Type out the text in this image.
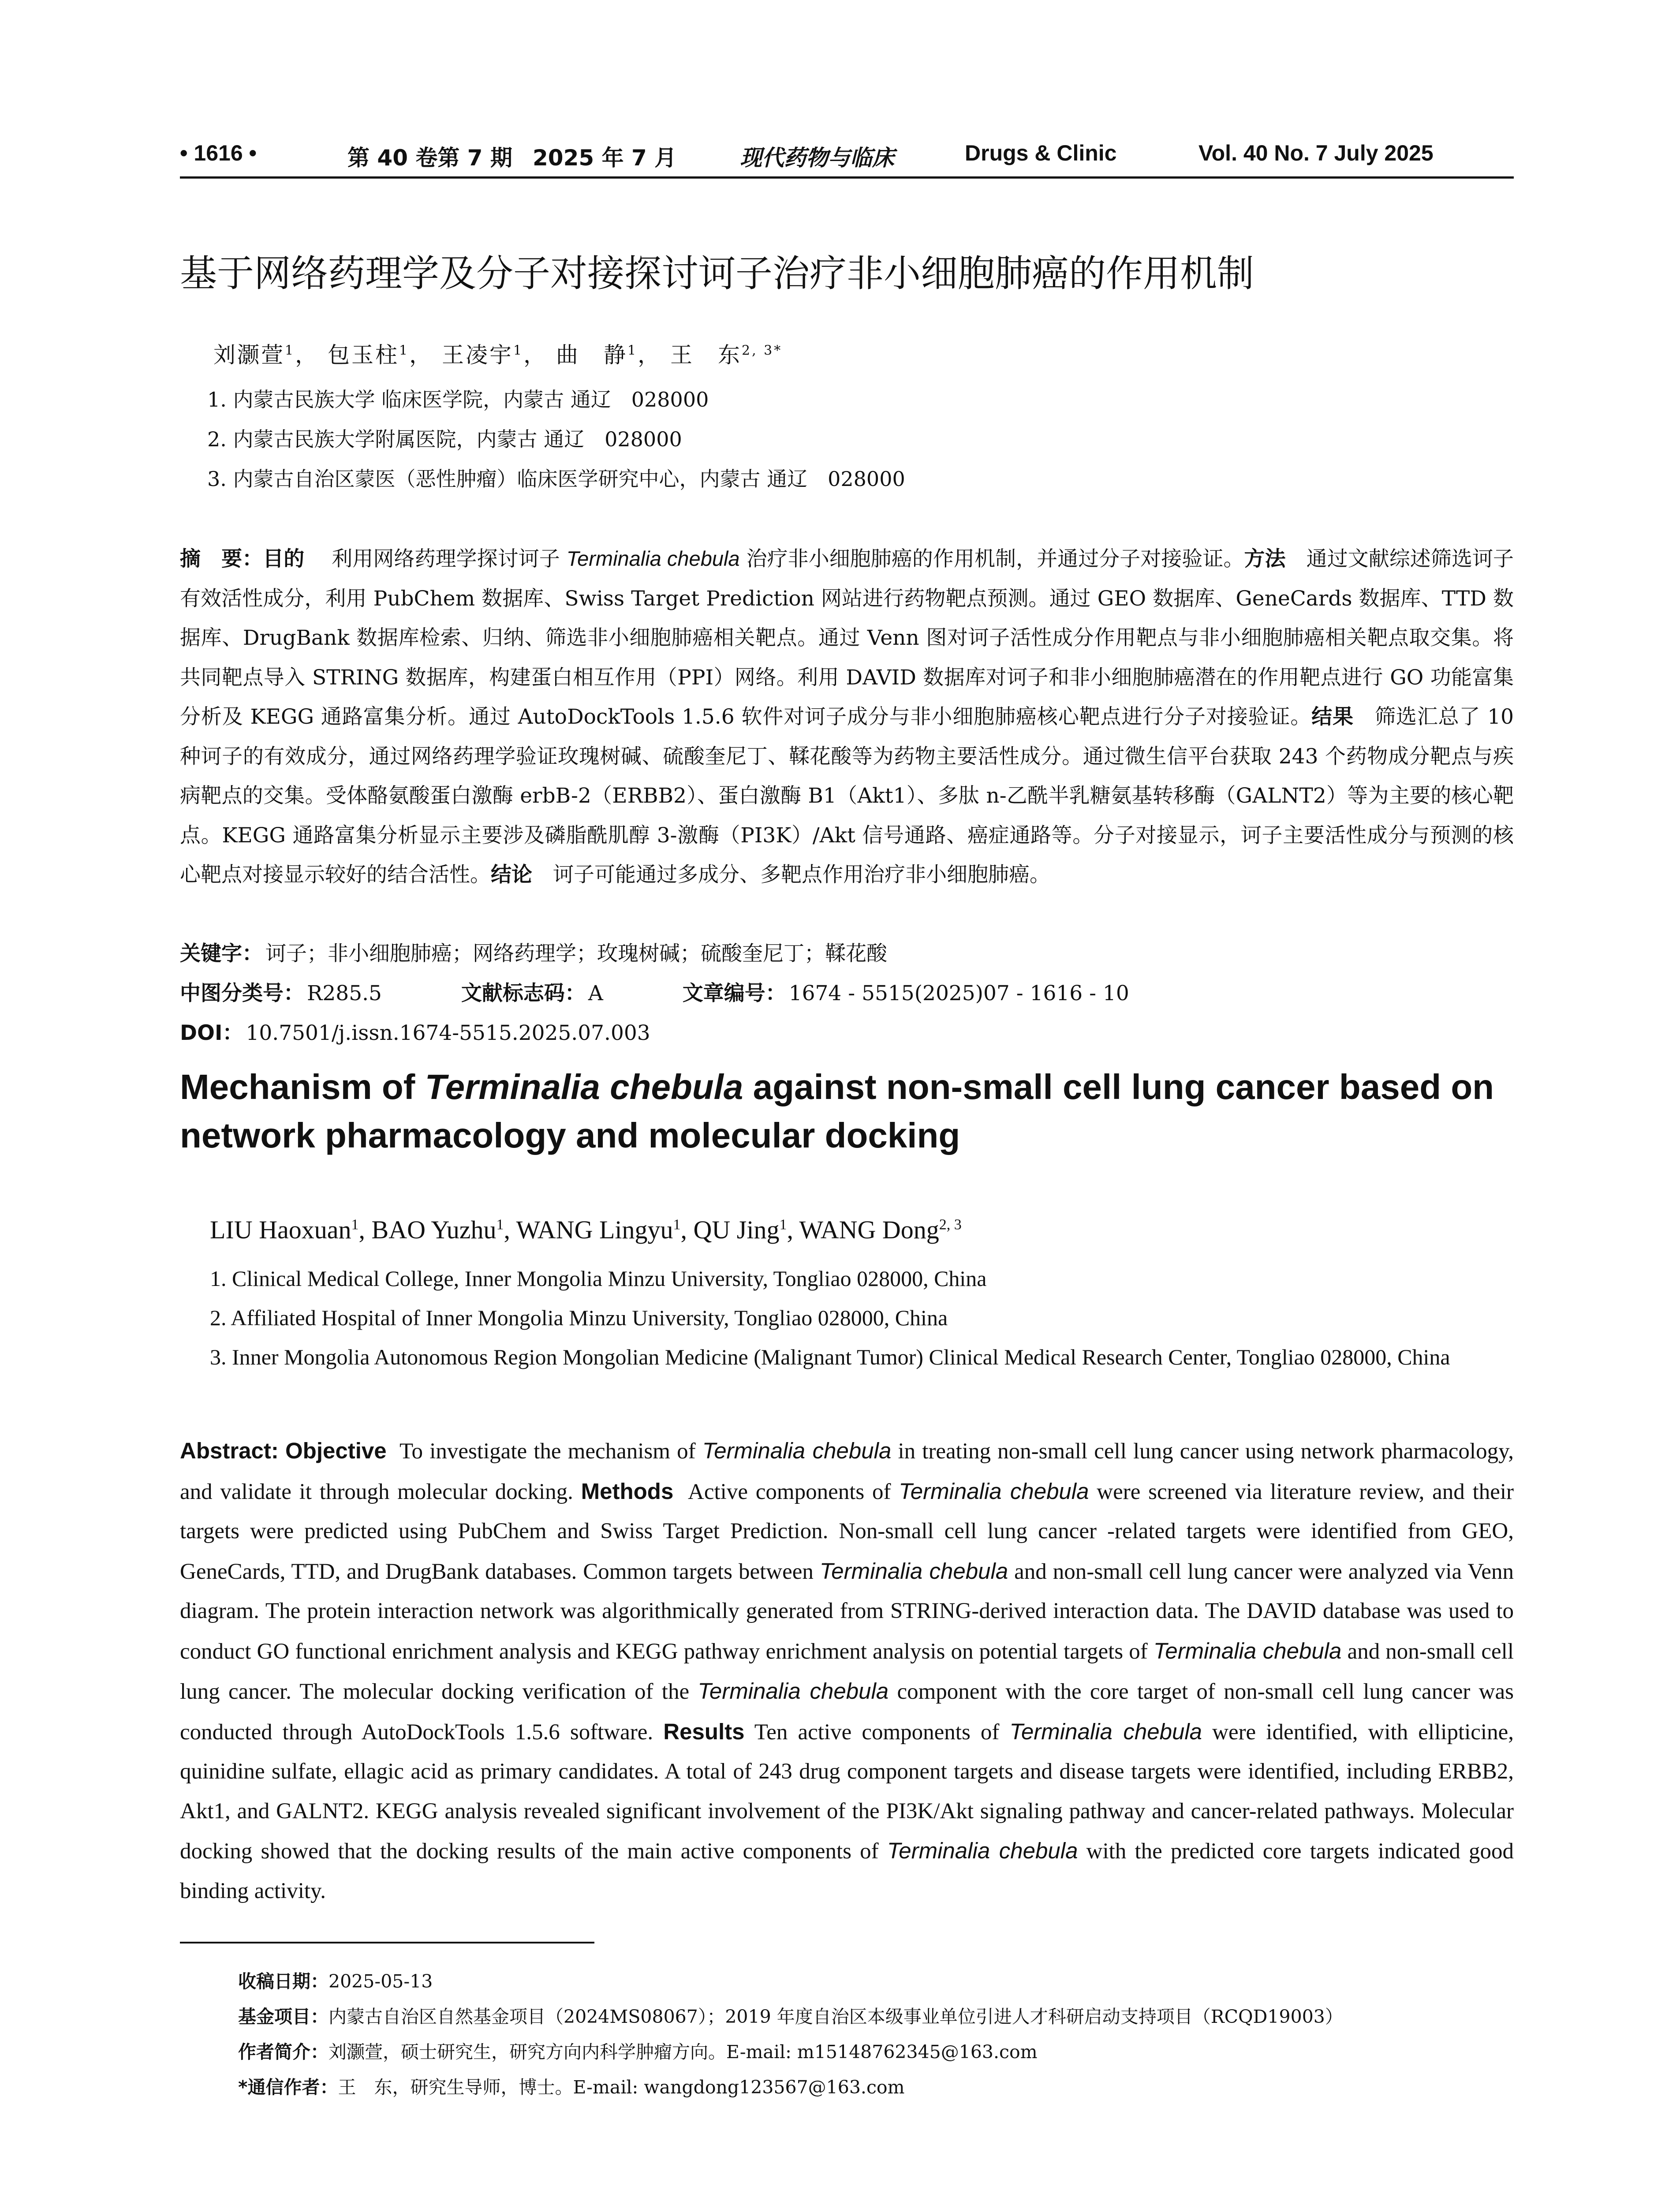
• 1616 •	第 40 卷第 7 期 2025 年 7 月	现代药物与临床	Drugs & Clinic	Vol. 40 No. 7 July 2025
基于网络药理学及分子对接探讨诃子治疗非小细胞肺癌的作用机制
刘灏萱$^1$， 包玉柱$^1$， 王凌宇$^1$， 曲　静$^1$， 王　东$^{2, 3*}$
1. 内蒙古民族大学 临床医学院，内蒙古 通辽　028000
2. 内蒙古民族大学附属医院，内蒙古 通辽　028000
3. 内蒙古自治区蒙医（恶性肿瘤）临床医学研究中心，内蒙古 通辽　028000
摘　要：目的　 利用网络药理学探讨诃子 Terminalia chebula 治疗非小细胞肺癌的作用机制，并通过分子对接验证。方法　 通过文献综述筛选诃子有效活性成分，利用 PubChem 数据库、Swiss Target Prediction 网站进行药物靶点预测。通过 GEO 数据库、GeneCards 数据库、TTD 数据库、DrugBank 数据库检索、归纳、筛选非小细胞肺癌相关靶点。通过 Venn 图对诃子活性成分作用靶点与非小细胞肺癌相关靶点取交集。将共同靶点导入 STRING 数据库，构建蛋白相互作用（PPI）网络。利用 DAVID 数据库对诃子和非小细胞肺癌潜在的作用靶点进行 GO 功能富集分析及 KEGG 通路富集分析。通过 AutoDockTools 1.5.6 软件对诃子成分与非小细胞肺癌核心靶点进行分子对接验证。结果　 筛选汇总了 10 种诃子的有效成分，通过网络药理学验证玫瑰树碱、硫酸奎尼丁、鞣花酸等为药物主要活性成分。通过微生信平台获取 243 个药物成分靶点与疾病靶点的交集。受体酪氨酸蛋白激酶 erbB-2（ERBB2）、蛋白激酶 B1（Akt1）、多肽 n-乙酰半乳糖氨基转移酶（GALNT2）等为主要的核心靶点。KEGG 通路富集分析显示主要涉及磷脂酰肌醇 3-激酶（PI3K）/Akt 信号通路、癌症通路等。分子对接显示，诃子主要活性成分与预测的核心靶点对接显示较好的结合活性。结论　 诃子可能通过多成分、多靶点作用治疗非小细胞肺癌。
关键字： 诃子；非小细胞肺癌；网络药理学；玫瑰树碱；硫酸奎尼丁；鞣花酸
中图分类号： R285.5	文献标志码： A	文章编号： 1674 - 5515(2025)07 - 1616 - 10
DOI： 10.7501/j.issn.1674-5515.2025.07.003
Mechanism of Terminalia chebula against non-small cell lung cancer based on network pharmacology and molecular docking
LIU Haoxuan$^1$, BAO Yuzhu$^1$, WANG Lingyu$^1$, QU Jing$^1$, WANG Dong$^{2, 3}$
1. Clinical Medical College, Inner Mongolia Minzu University, Tongliao 028000, China
2. Affiliated Hospital of Inner Mongolia Minzu University, Tongliao 028000, China
3. Inner Mongolia Autonomous Region Mongolian Medicine (Malignant Tumor) Clinical Medical Research Center, Tongliao 028000, China
Abstract: Objective To investigate the mechanism of Terminalia chebula in treating non-small cell lung cancer using network pharmacology, and validate it through molecular docking. Methods Active components of Terminalia chebula were screened via literature review, and their targets were predicted using PubChem and Swiss Target Prediction. Non-small cell lung cancer -related targets were identified from GEO, GeneCards, TTD, and DrugBank databases. Common targets between Terminalia chebula and non-small cell lung cancer were analyzed via Venn diagram. The protein interaction network was algorithmically generated from STRING-derived interaction data. The DAVID database was used to conduct GO functional enrichment analysis and KEGG pathway enrichment analysis on potential targets of Terminalia chebula and non-small cell lung cancer. The molecular docking verification of the Terminalia chebula component with the core target of non-small cell lung cancer was conducted through AutoDockTools 1.5.6 software. Results Ten active components of Terminalia chebula were identified, with ellipticine, quinidine sulfate, ellagic acid as primary candidates. A total of 243 drug component targets and disease targets were identified, including ERBB2, Akt1, and GALNT2. KEGG analysis revealed significant involvement of the PI3K/Akt signaling pathway and cancer-related pathways. Molecular docking showed that the docking results of the main active components of Terminalia chebula with the predicted core targets indicated good binding activity.
收稿日期：2025-05-13
基金项目：内蒙古自治区自然基金项目（2024MS08067）；2019 年度自治区本级事业单位引进人才科研启动支持项目（RCQD19003）
作者简介：刘灏萱，硕士研究生，研究方向内科学肿瘤方向。E-mail: m15148762345@163.com
*通信作者：王　东，研究生导师，博士。E-mail: wangdong123567@163.com
